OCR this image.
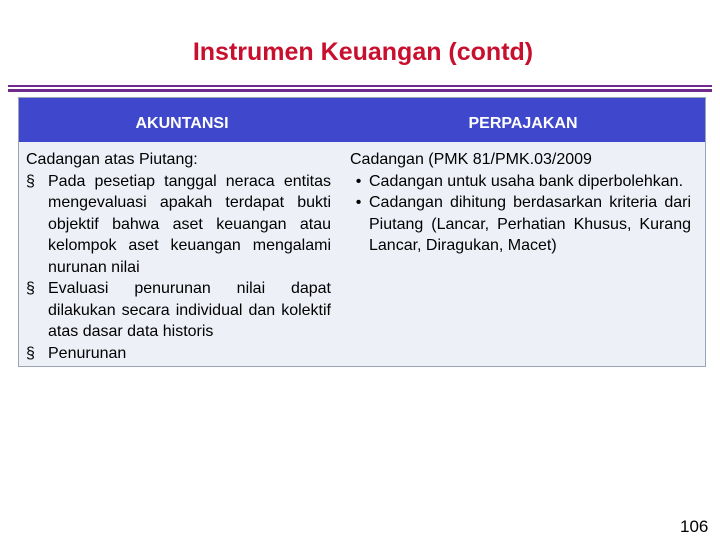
Instrumen Keuangan (contd)
AKUNTANSI	PERPAJAKAN
Cadangan atas Piutang:
§ Pada pesetiap tanggal neraca entitas mengevaluasi apakah terdapat bukti objektif bahwa aset keuangan atau kelompok aset keuangan mengalami nurunan nilai
§ Evaluasi penurunan nilai dapat dilakukan secara individual dan kolektif atas dasar data historis
§ Penurunan
Cadangan (PMK 81/PMK.03/2009
• Cadangan untuk usaha bank diperbolehkan.
• Cadangan dihitung berdasarkan kriteria dari Piutang (Lancar, Perhatian Khusus, Kurang Lancar, Diragukan, Macet)
106
